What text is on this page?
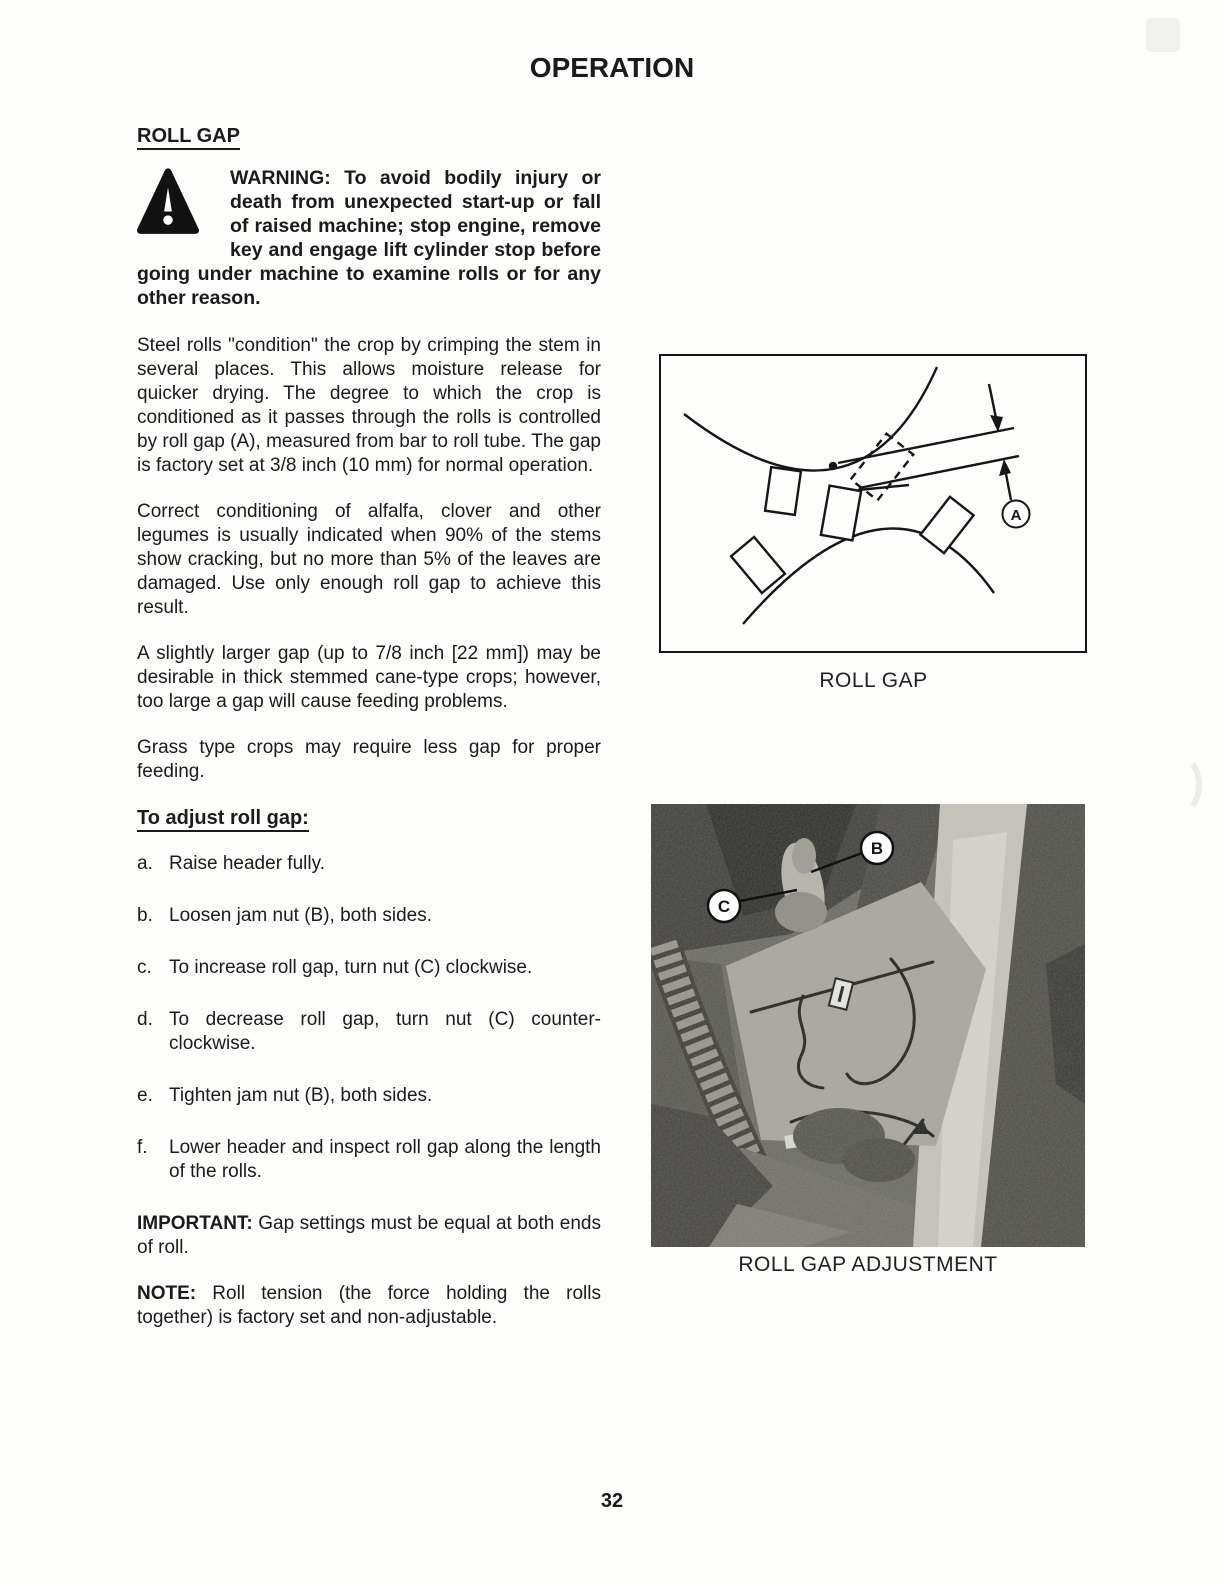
OPERATION
ROLL GAP
WARNING: To avoid bodily injury or death from unexpected start-up or fall of raised machine; stop engine, remove key and engage lift cylinder stop before going under machine to examine rolls or for any other reason.

Steel rolls "condition" the crop by crimping the stem in several places. This allows moisture release for quicker drying. The degree to which the crop is conditioned as it passes through the rolls is controlled by roll gap (A), measured from bar to roll tube. The gap is factory set at 3/8 inch (10 mm) for normal operation.

Correct conditioning of alfalfa, clover and other legumes is usually indicated when 90% of the stems show cracking, but no more than 5% of the leaves are damaged. Use only enough roll gap to achieve this result.

A slightly larger gap (up to 7/8 inch [22 mm]) may be desirable in thick stemmed cane-type crops; however, too large a gap will cause feeding problems.

Grass type crops may require less gap for proper feeding.

To adjust roll gap:
a. Raise header fully.
b. Loosen jam nut (B), both sides.
c. To increase roll gap, turn nut (C) clockwise.
d. To decrease roll gap, turn nut (C) counter-clockwise.
e. Tighten jam nut (B), both sides.
f.	Lower header and inspect roll gap along the length of the rolls.

IMPORTANT: Gap settings must be equal at both ends of roll.

NOTE: Roll tension (the force holding the rolls together) is factory set and non-adjustable.

A
ROLL GAP
B
C
ROLL GAP ADJUSTMENT
32
